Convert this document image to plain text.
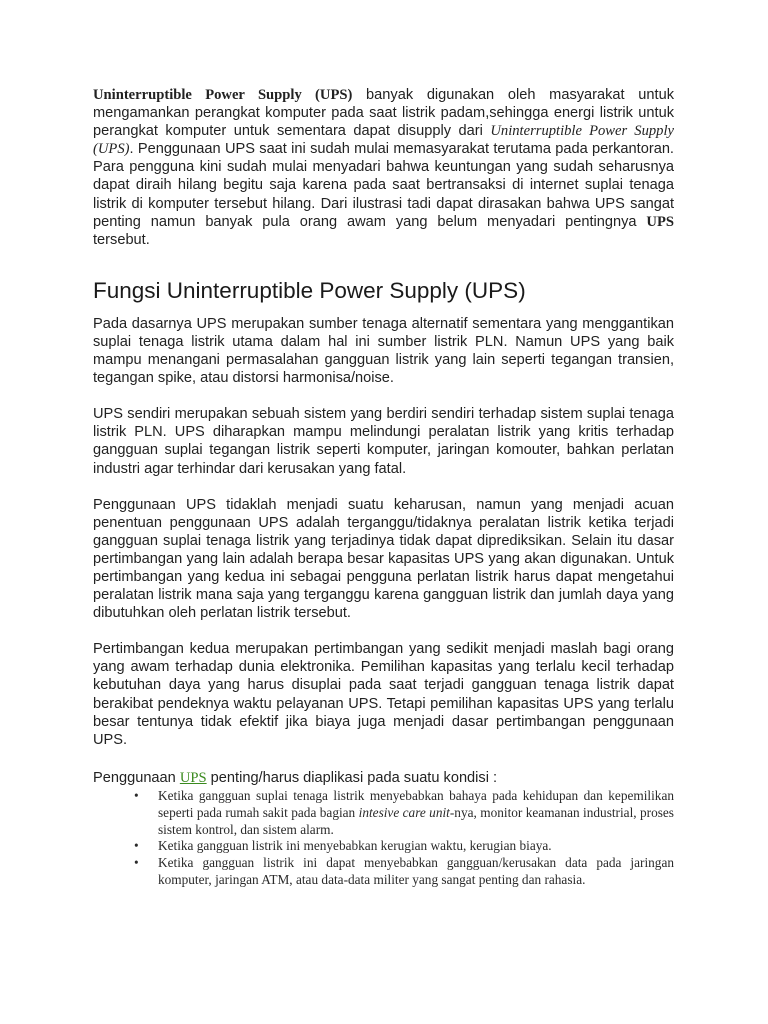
Uninterruptible Power Supply (UPS) banyak digunakan oleh masyarakat untuk mengamankan perangkat komputer pada saat listrik padam,sehingga energi listrik untuk perangkat komputer untuk sementara dapat disupply dari Uninterruptible Power Supply (UPS). Penggunaan UPS saat ini sudah mulai memasyarakat terutama pada perkantoran. Para pengguna kini sudah mulai menyadari bahwa keuntungan yang sudah seharusnya dapat diraih hilang begitu saja karena pada saat bertransaksi di internet suplai tenaga listrik di komputer tersebut hilang. Dari ilustrasi tadi dapat dirasakan bahwa UPS sangat penting namun banyak pula orang awam yang belum menyadari pentingnya UPS tersebut.

Fungsi Uninterruptible Power Supply (UPS)

Pada dasarnya UPS merupakan sumber tenaga alternatif sementara yang menggantikan suplai tenaga listrik utama dalam hal ini sumber listrik PLN. Namun UPS yang baik mampu menangani permasalahan gangguan listrik yang lain seperti tegangan transien, tegangan spike, atau distorsi harmonisa/noise.

UPS sendiri merupakan sebuah sistem yang berdiri sendiri terhadap sistem suplai tenaga listrik PLN. UPS diharapkan mampu melindungi peralatan listrik yang kritis terhadap gangguan suplai tegangan listrik seperti komputer, jaringan komouter, bahkan perlatan industri agar terhindar dari kerusakan yang fatal.

Penggunaan UPS tidaklah menjadi suatu keharusan, namun yang menjadi acuan penentuan penggunaan UPS adalah terganggu/tidaknya peralatan listrik ketika terjadi gangguan suplai tenaga listrik yang terjadinya tidak dapat diprediksikan. Selain itu dasar pertimbangan yang lain adalah berapa besar kapasitas UPS yang akan digunakan. Untuk pertimbangan yang kedua ini sebagai pengguna perlatan listrik harus dapat mengetahui peralatan listrik mana saja yang terganggu karena gangguan listrik dan jumlah daya yang dibutuhkan oleh perlatan listrik tersebut.

Pertimbangan kedua merupakan pertimbangan yang sedikit menjadi maslah bagi orang yang awam terhadap dunia elektronika. Pemilihan kapasitas yang terlalu kecil terhadap kebutuhan daya yang harus disuplai pada saat terjadi gangguan tenaga listrik dapat berakibat pendeknya waktu pelayanan UPS. Tetapi pemilihan kapasitas UPS yang terlalu besar tentunya tidak efektif jika biaya juga menjadi dasar pertimbangan penggunaan UPS.

Penggunaan UPS penting/harus diaplikasi pada suatu kondisi :

• Ketika gangguan suplai tenaga listrik menyebabkan bahaya pada kehidupan dan kepemilikan seperti pada rumah sakit pada bagian intesive care unit-nya, monitor keamanan industrial, proses sistem kontrol, dan sistem alarm.
• Ketika gangguan listrik ini menyebabkan kerugian waktu, kerugian biaya.
• Ketika gangguan listrik ini dapat menyebabkan gangguan/kerusakan data pada jaringan komputer, jaringan ATM, atau data-data militer yang sangat penting dan rahasia.
